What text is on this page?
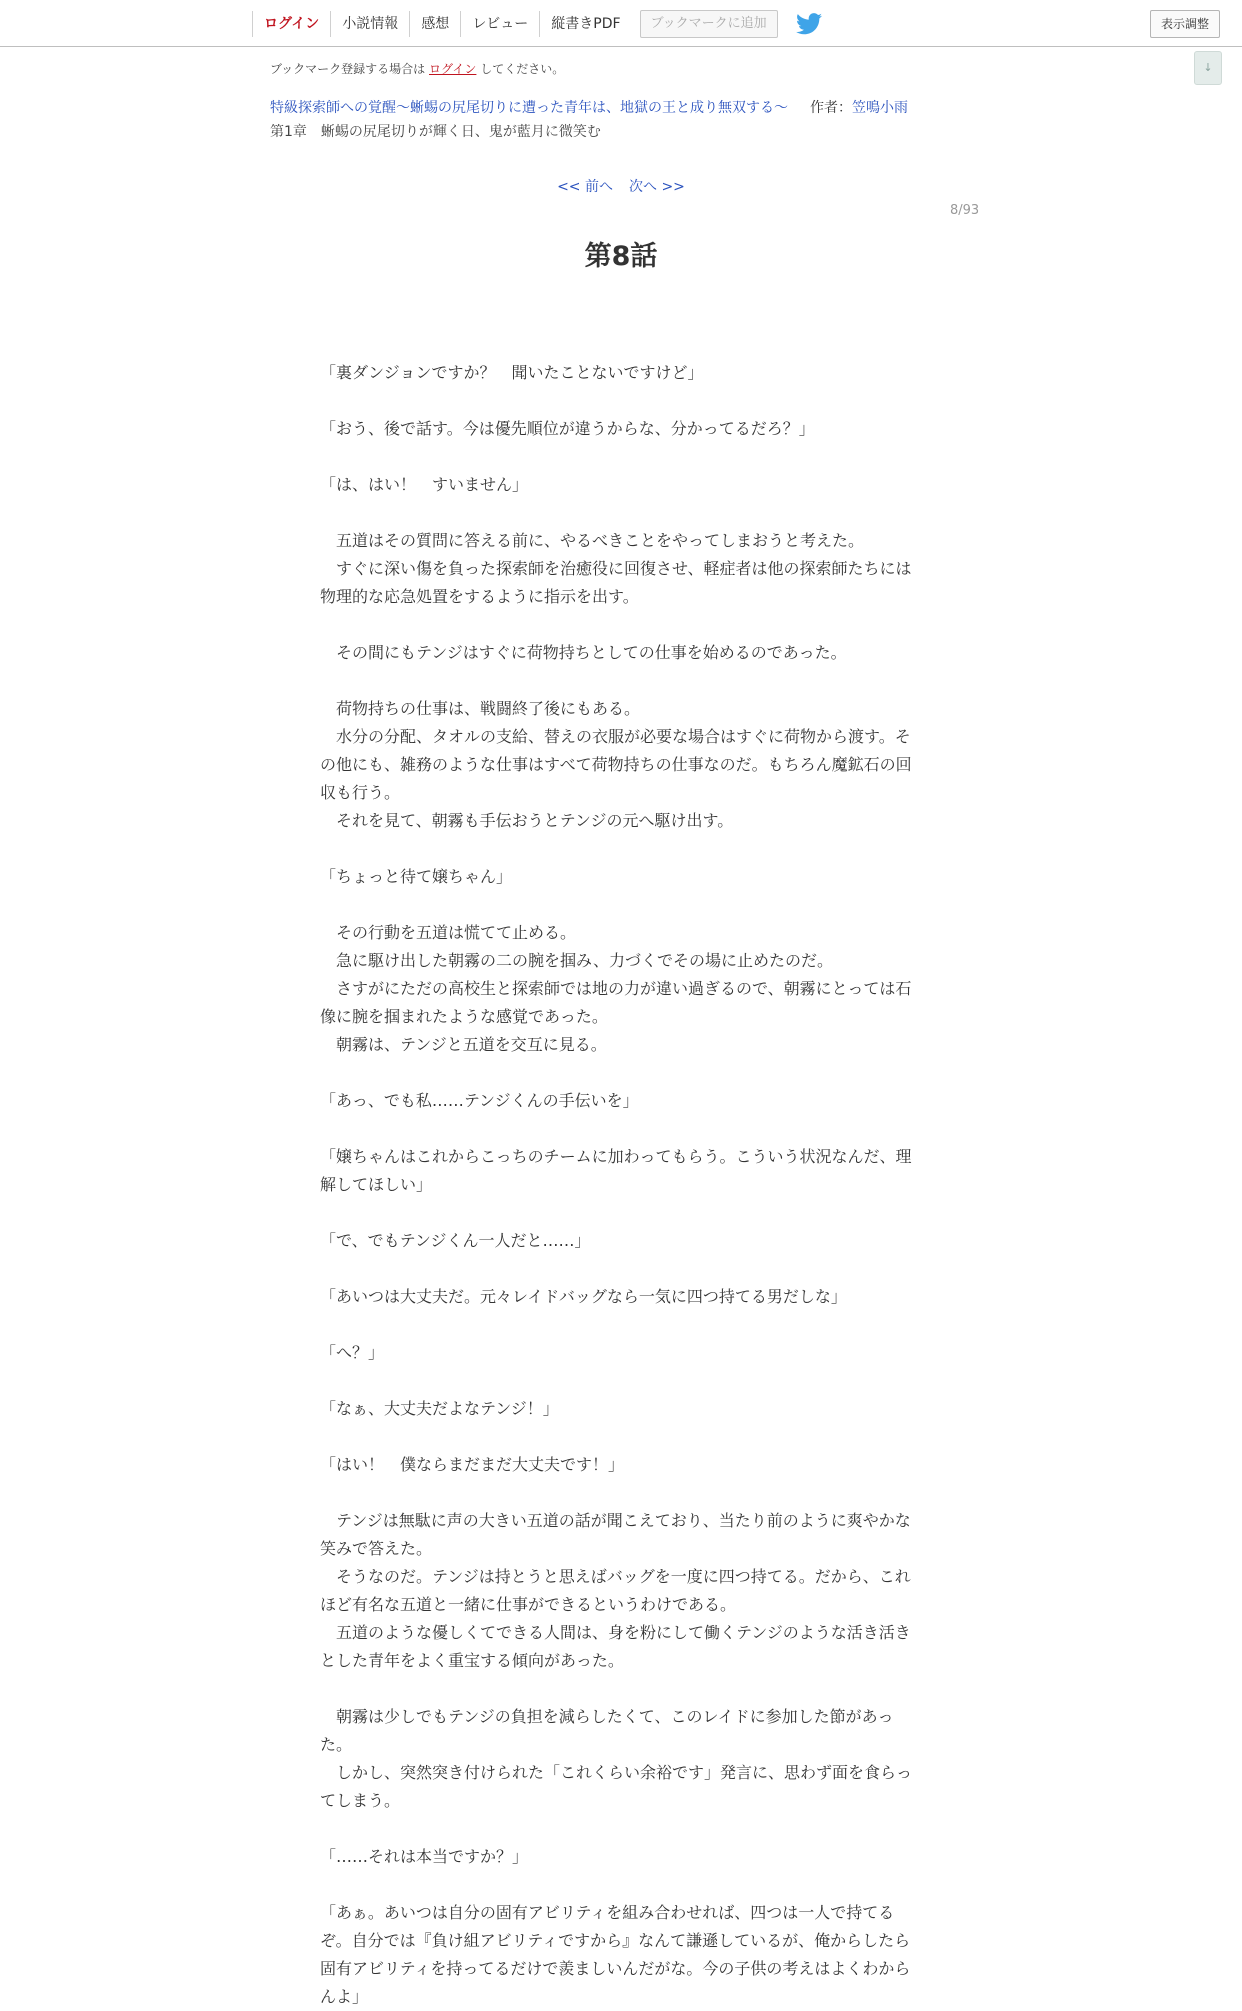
ログイン	小説情報	感想	レビュー	縦書きPDF	ブックマークに追加	表示調整
↓
ブックマーク登録する場合は ログイン してください。
特級探索師への覚醒～蜥蜴の尻尾切りに遭った青年は、地獄の王と成り無双する～ 作者：笠鳴小雨
第1章　蜥蜴の尻尾切りが輝く日、鬼が藍月に微笑む
<< 前へ 次へ >>
8/93
第8話

「裏ダンジョンですか？　聞いたことないですけど」

「おう、後で話す。今は優先順位が違うからな、分かってるだろ？」

「は、はい！　すいません」

　五道はその質問に答える前に、やるべきことをやってしまおうと考えた。

　すぐに深い傷を負った探索師を治癒役に回復させ、軽症者は他の探索師たちには物理的な応急処置をするように指示を出す。

　その間にもテンジはすぐに荷物持ちとしての仕事を始めるのであった。

　荷物持ちの仕事は、戦闘終了後にもある。

　水分の分配、タオルの支給、替えの衣服が必要な場合はすぐに荷物から渡す。その他にも、雑務のような仕事はすべて荷物持ちの仕事なのだ。もちろん魔鉱石の回収も行う。

　それを見て、朝霧も手伝おうとテンジの元へ駆け出す。

「ちょっと待て嬢ちゃん」

　その行動を五道は慌てて止める。

　急に駆け出した朝霧の二の腕を掴み、力づくでその場に止めたのだ。

　さすがにただの高校生と探索師では地の力が違い過ぎるので、朝霧にとっては石像に腕を掴まれたような感覚であった。

　朝霧は、テンジと五道を交互に見る。

「あっ、でも私……テンジくんの手伝いを」

「嬢ちゃんはこれからこっちのチームに加わってもらう。こういう状況なんだ、理解してほしい」

「で、でもテンジくん一人だと……」

「あいつは大丈夫だ。元々レイドバッグなら一気に四つ持てる男だしな」

「へ？」

「なぁ、大丈夫だよなテンジ！」

「はい！　僕ならまだまだ大丈夫です！」

　テンジは無駄に声の大きい五道の話が聞こえており、当たり前のように爽やかな笑みで答えた。

　そうなのだ。テンジは持とうと思えばバッグを一度に四つ持てる。だから、これほど有名な五道と一緒に仕事ができるというわけである。

　五道のような優しくてできる人間は、身を粉にして働くテンジのような活き活きとした青年をよく重宝する傾向があった。

　朝霧は少しでもテンジの負担を減らしたくて、このレイドに参加した節があった。

　しかし、突然突き付けられた「これくらい余裕です」発言に、思わず面を食らってしまう。

「……それは本当ですか？」

「あぁ。あいつは自分の固有アビリティを組み合わせれば、四つは一人で持てるぞ。自分では『負け組アビリティですから』なんて謙遜しているが、俺からしたら固有アビリティを持ってるだけで羨ましいんだがな。今の子供の考えはよくわからんよ」
